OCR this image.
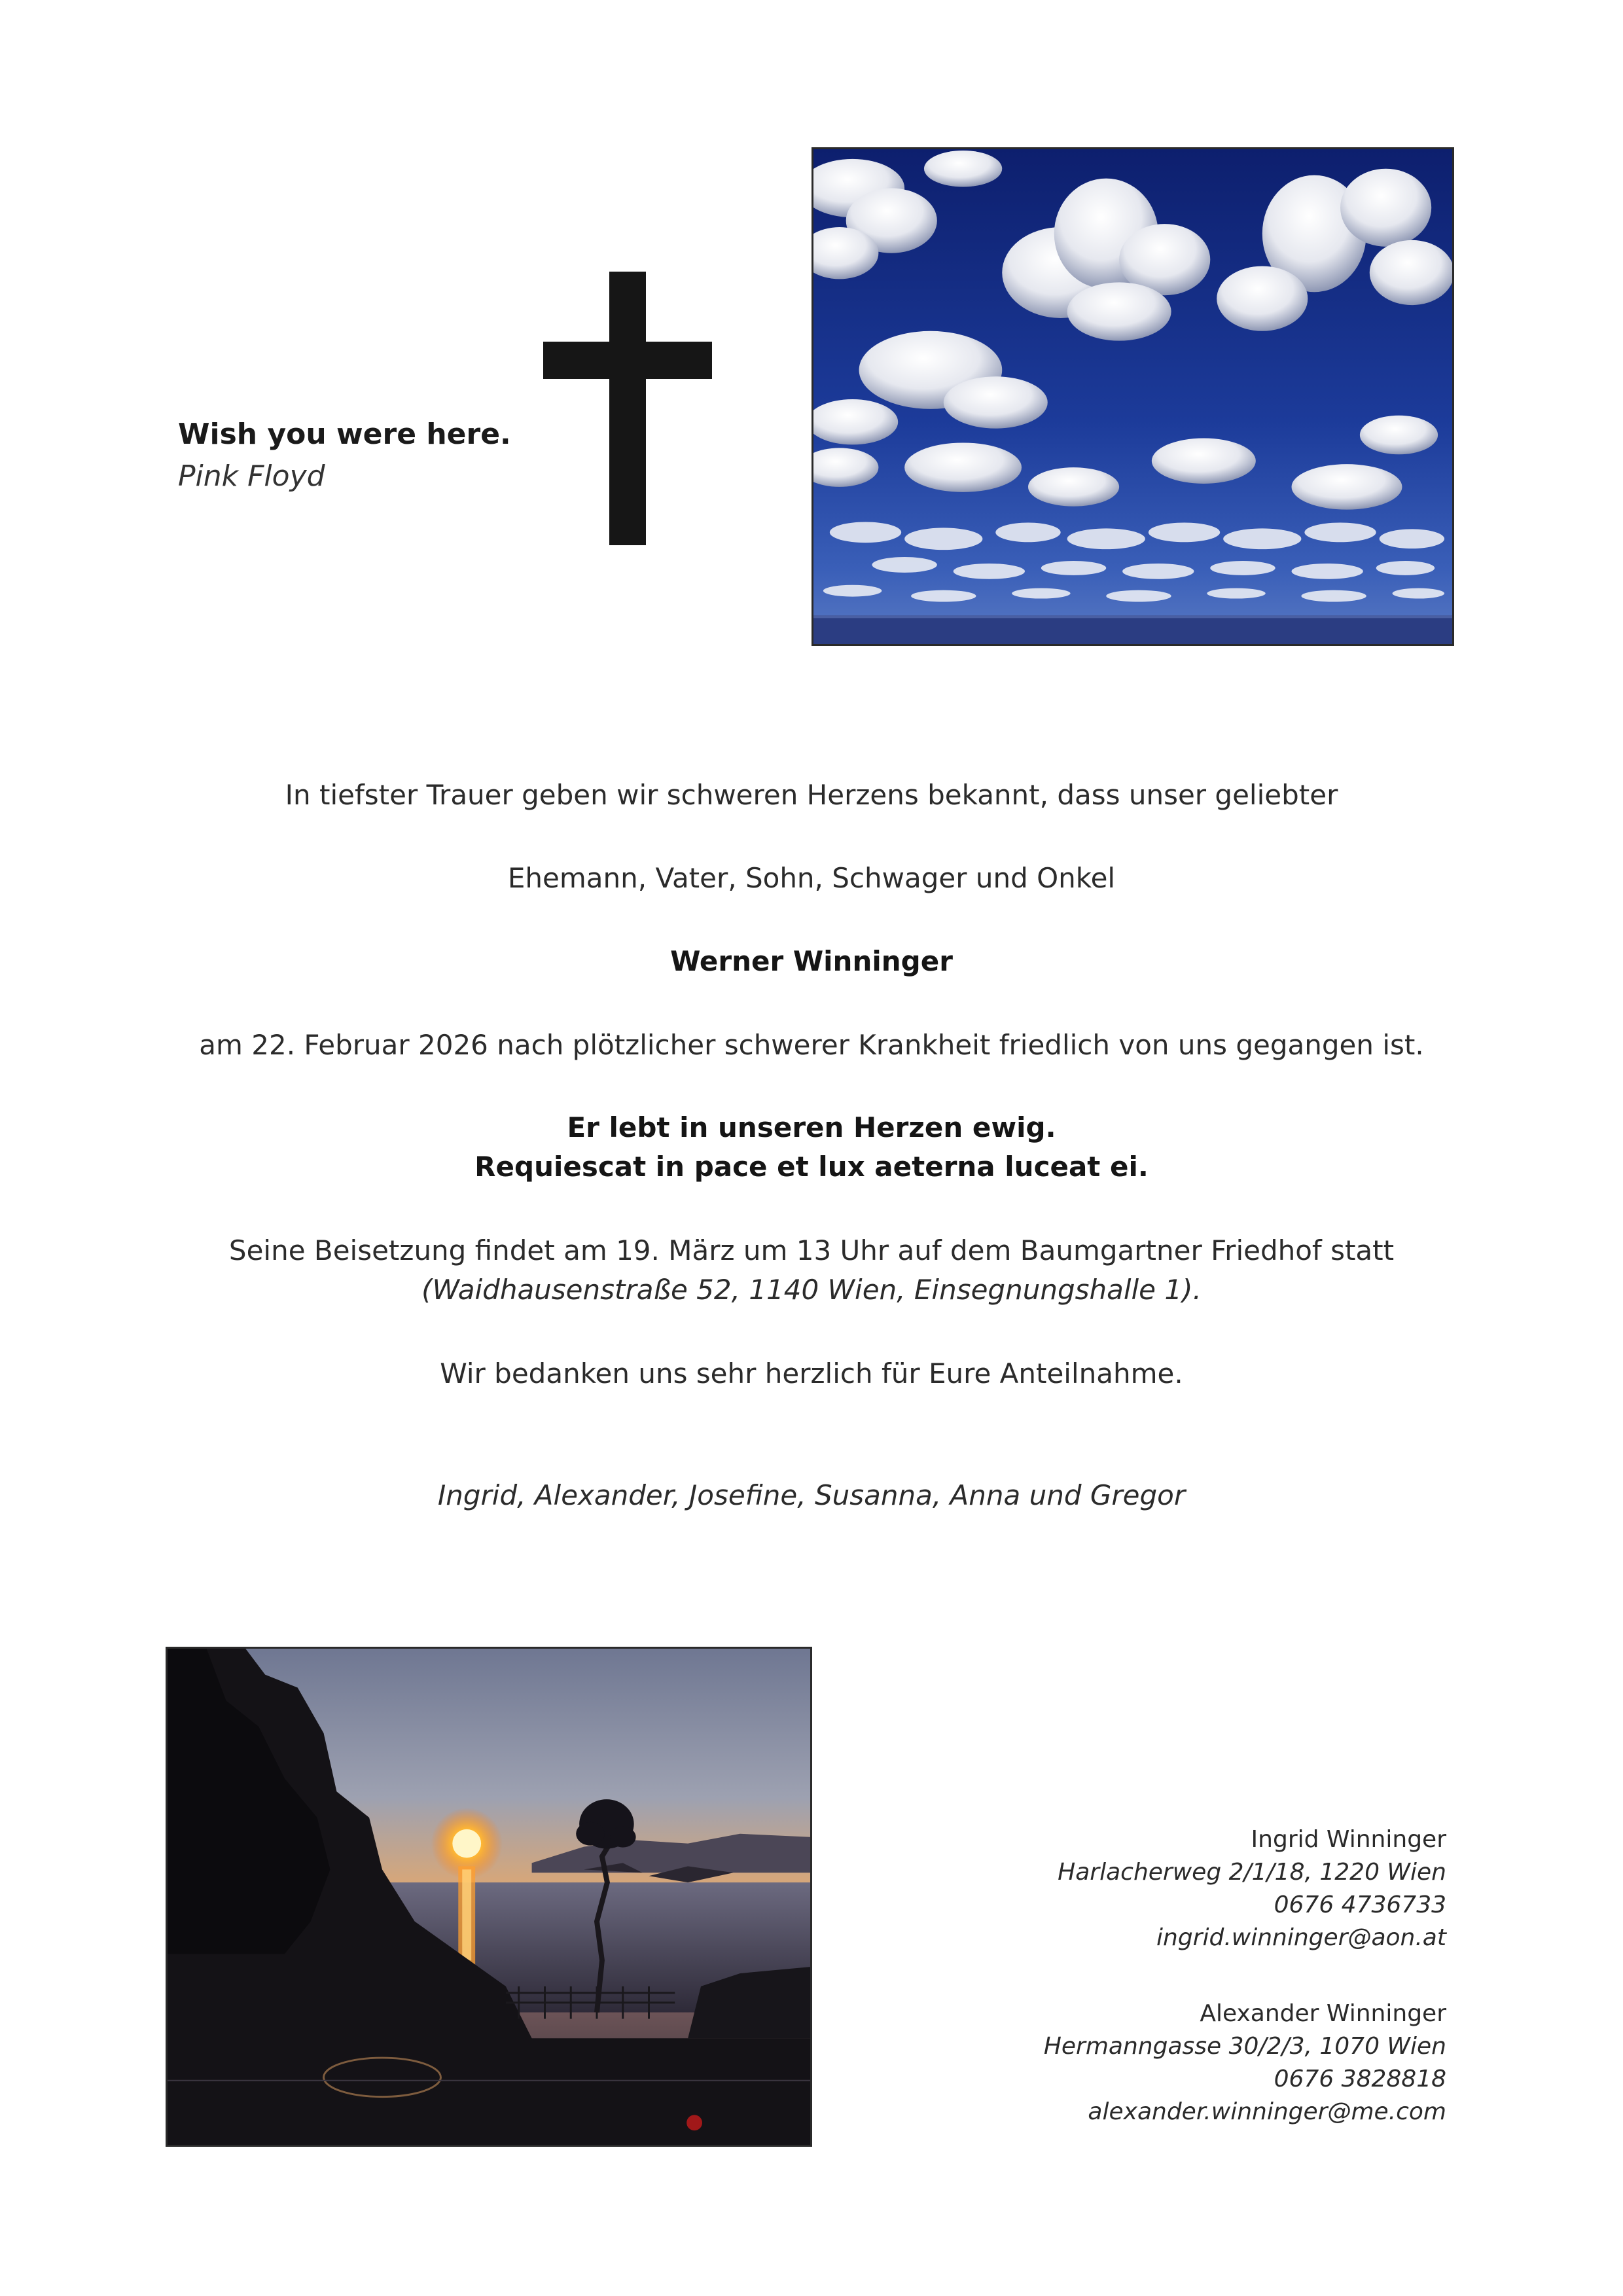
Wish you were here.
Pink Floyd
In tiefster Trauer geben wir schweren Herzens bekannt, dass unser geliebter
Ehemann, Vater, Sohn, Schwager und Onkel
Werner Winninger
am 22. Februar 2026 nach plötzlicher schwerer Krankheit friedlich von uns gegangen ist.
Er lebt in unseren Herzen ewig.
Requiescat in pace et lux aeterna luceat ei.
Seine Beisetzung findet am 19. März um 13 Uhr auf dem Baumgartner Friedhof statt
(Waidhausenstraße 52, 1140 Wien, Einsegnungshalle 1).
Wir bedanken uns sehr herzlich für Eure Anteilnahme.
Ingrid, Alexander, Josefine, Susanna, Anna und Gregor
Ingrid Winninger
Harlacherweg 2/1/18, 1220 Wien
0676 4736733
ingrid.winninger@aon.at
Alexander Winninger
Hermanngasse 30/2/3, 1070 Wien
0676 3828818
alexander.winninger@me.com
